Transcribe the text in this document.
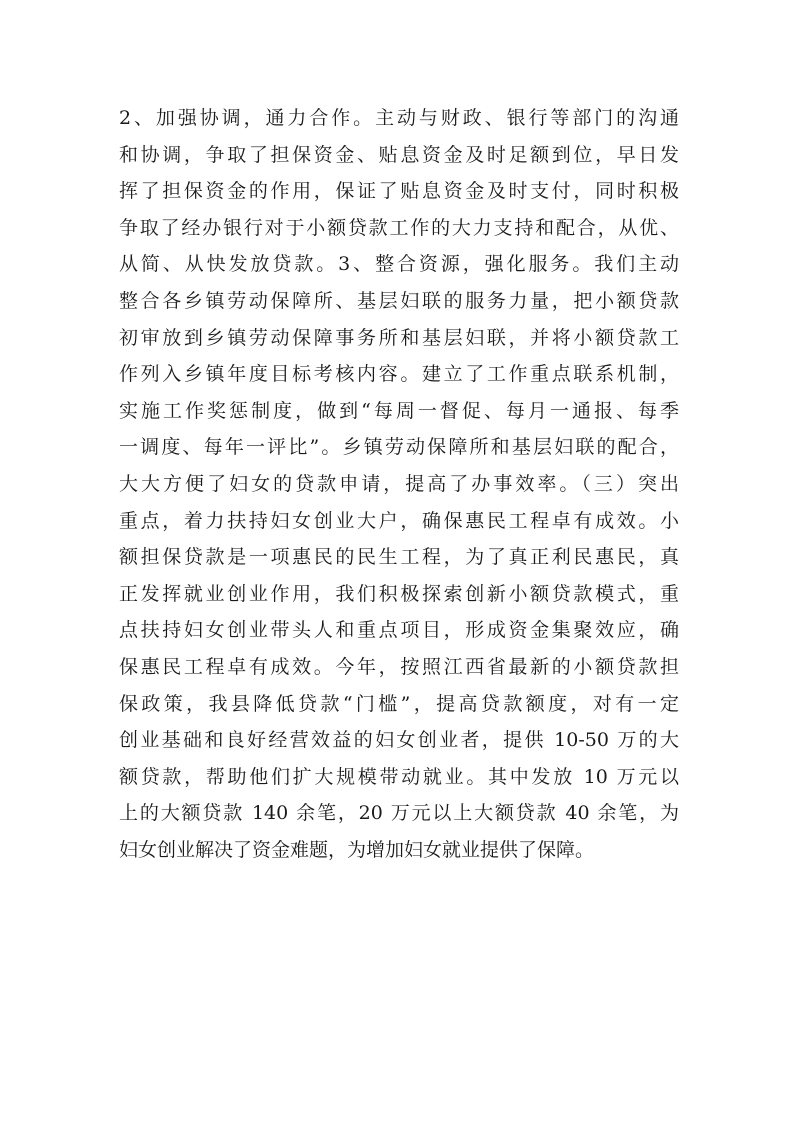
2、加强协调，通力合作。主动与财政、银行等部门的沟通
和协调，争取了担保资金、贴息资金及时足额到位，早日发
挥了担保资金的作用，保证了贴息资金及时支付，同时积极
争取了经办银行对于小额贷款工作的大力支持和配合，从优、
从简、从快发放贷款。3、整合资源，强化服务。我们主动
整合各乡镇劳动保障所、基层妇联的服务力量，把小额贷款
初审放到乡镇劳动保障事务所和基层妇联，并将小额贷款工
作列入乡镇年度目标考核内容。建立了工作重点联系机制，
实施工作奖惩制度，做到“每周一督促、每月一通报、每季
一调度、每年一评比”。乡镇劳动保障所和基层妇联的配合，
大大方便了妇女的贷款申请，提高了办事效率。（三）突出
重点，着力扶持妇女创业大户，确保惠民工程卓有成效。小
额担保贷款是一项惠民的民生工程，为了真正利民惠民，真
正发挥就业创业作用，我们积极探索创新小额贷款模式，重
点扶持妇女创业带头人和重点项目，形成资金集聚效应，确
保惠民工程卓有成效。今年，按照江西省最新的小额贷款担
保政策，我县降低贷款“门槛”，提高贷款额度，对有一定
创业基础和良好经营效益的妇女创业者，提供 10-50 万的大
额贷款，帮助他们扩大规模带动就业。其中发放 10 万元以
上的大额贷款 140 余笔，20 万元以上大额贷款 40 余笔，为
妇女创业解决了资金难题，为增加妇女就业提供了保障。
